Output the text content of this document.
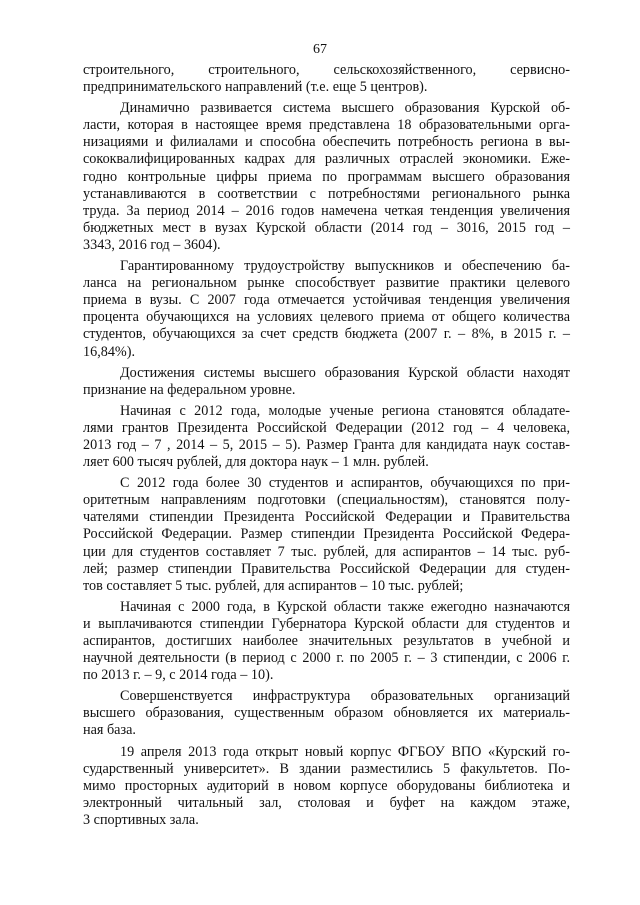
67
строительного, строительного, сельскохозяйственного, сервисно-
предпринимательского направлений (т.е. еще 5 центров).
Динамично развивается система высшего образования Курской об-
ласти, которая в настоящее время представлена 18 образовательными орга-
низациями и филиалами и способна обеспечить потребность региона в вы-
сококвалифицированных кадрах для различных отраслей экономики. Еже-
годно контрольные цифры приема по программам высшего образования
устанавливаются в соответствии с потребностями регионального рынка
труда. За период 2014 – 2016 годов намечена четкая тенденция увеличения
бюджетных мест в вузах Курской области (2014 год – 3016, 2015 год –
3343, 2016 год – 3604).
Гарантированному трудоустройству выпускников и обеспечению ба-
ланса на региональном рынке способствует развитие практики целевого
приема в вузы. С 2007 года отмечается устойчивая тенденция увеличения
процента обучающихся на условиях целевого приема от общего количества
студентов, обучающихся за счет средств бюджета (2007 г. – 8%, в 2015 г. –
16,84%).
Достижения системы высшего образования Курской области находят
признание на федеральном уровне.
Начиная с 2012 года, молодые ученые региона становятся обладате-
лями грантов Президента Российской Федерации (2012 год – 4 человека,
2013 год – 7 , 2014 – 5, 2015 – 5). Размер Гранта для кандидата наук состав-
ляет 600 тысяч рублей, для доктора наук – 1 млн. рублей.
С 2012 года более 30 студентов и аспирантов, обучающихся по при-
оритетным направлениям подготовки (специальностям), становятся полу-
чателями стипендии Президента Российской Федерации и Правительства
Российской Федерации. Размер стипендии Президента Российской Федера-
ции для студентов составляет 7 тыс. рублей, для аспирантов – 14 тыс. руб-
лей; размер стипендии Правительства Российской Федерации для студен-
тов составляет 5 тыс. рублей, для аспирантов – 10 тыс. рублей;
Начиная с 2000 года, в Курской области также ежегодно назначаются
и выплачиваются стипендии Губернатора Курской области для студентов и
аспирантов, достигших наиболее значительных результатов в учебной и
научной деятельности (в период с 2000 г. по 2005 г. – 3 стипендии, с 2006 г.
по 2013 г. – 9, с 2014 года – 10).
Совершенствуется инфраструктура образовательных организаций
высшего образования, существенным образом обновляется их материаль-
ная база.
19 апреля 2013 года открыт новый корпус ФГБОУ ВПО «Курский го-
сударственный университет». В здании разместились 5 факультетов. По-
мимо просторных аудиторий в новом корпусе оборудованы библиотека и
электронный читальный зал, столовая и буфет на каждом этаже,
3 спортивных зала.
